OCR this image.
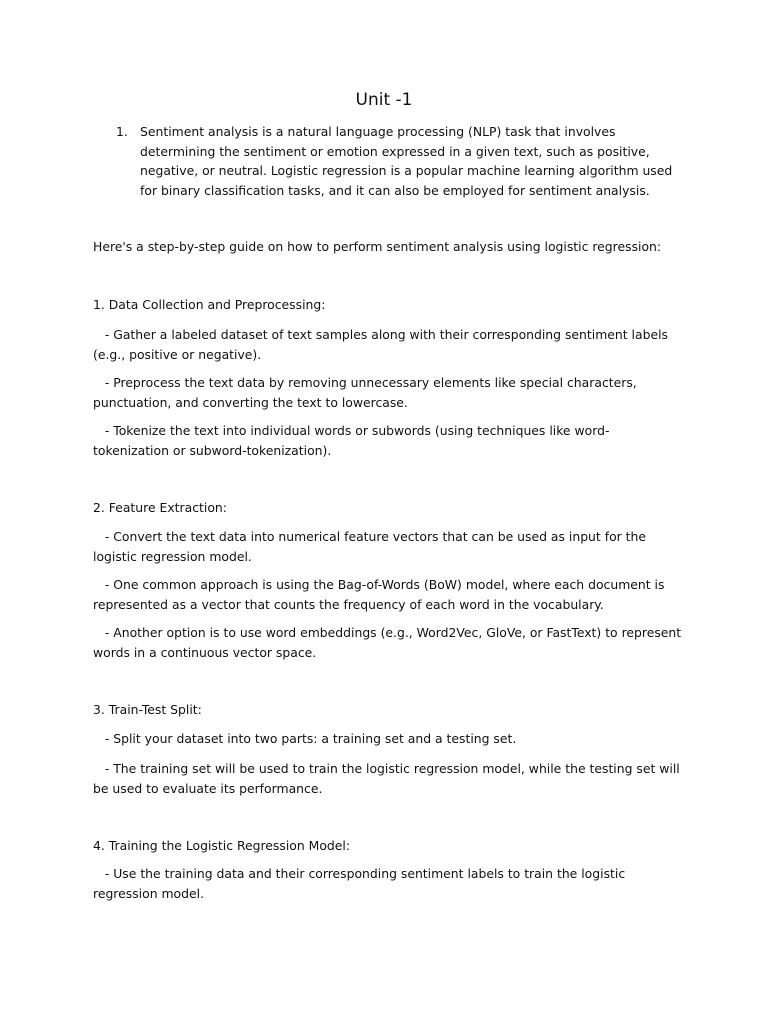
Unit -1
1. Sentiment analysis is a natural language processing (NLP) task that involves determining the sentiment or emotion expressed in a given text, such as positive, negative, or neutral. Logistic regression is a popular machine learning algorithm used for binary classification tasks, and it can also be employed for sentiment analysis.
Here's a step-by-step guide on how to perform sentiment analysis using logistic regression:
1. Data Collection and Preprocessing:
- Gather a labeled dataset of text samples along with their corresponding sentiment labels (e.g., positive or negative).
- Preprocess the text data by removing unnecessary elements like special characters, punctuation, and converting the text to lowercase.
- Tokenize the text into individual words or subwords (using techniques like word-tokenization or subword-tokenization).
2. Feature Extraction:
- Convert the text data into numerical feature vectors that can be used as input for the logistic regression model.
- One common approach is using the Bag-of-Words (BoW) model, where each document is represented as a vector that counts the frequency of each word in the vocabulary.
- Another option is to use word embeddings (e.g., Word2Vec, GloVe, or FastText) to represent words in a continuous vector space.
3. Train-Test Split:
- Split your dataset into two parts: a training set and a testing set.
- The training set will be used to train the logistic regression model, while the testing set will be used to evaluate its performance.
4. Training the Logistic Regression Model:
- Use the training data and their corresponding sentiment labels to train the logistic regression model.
